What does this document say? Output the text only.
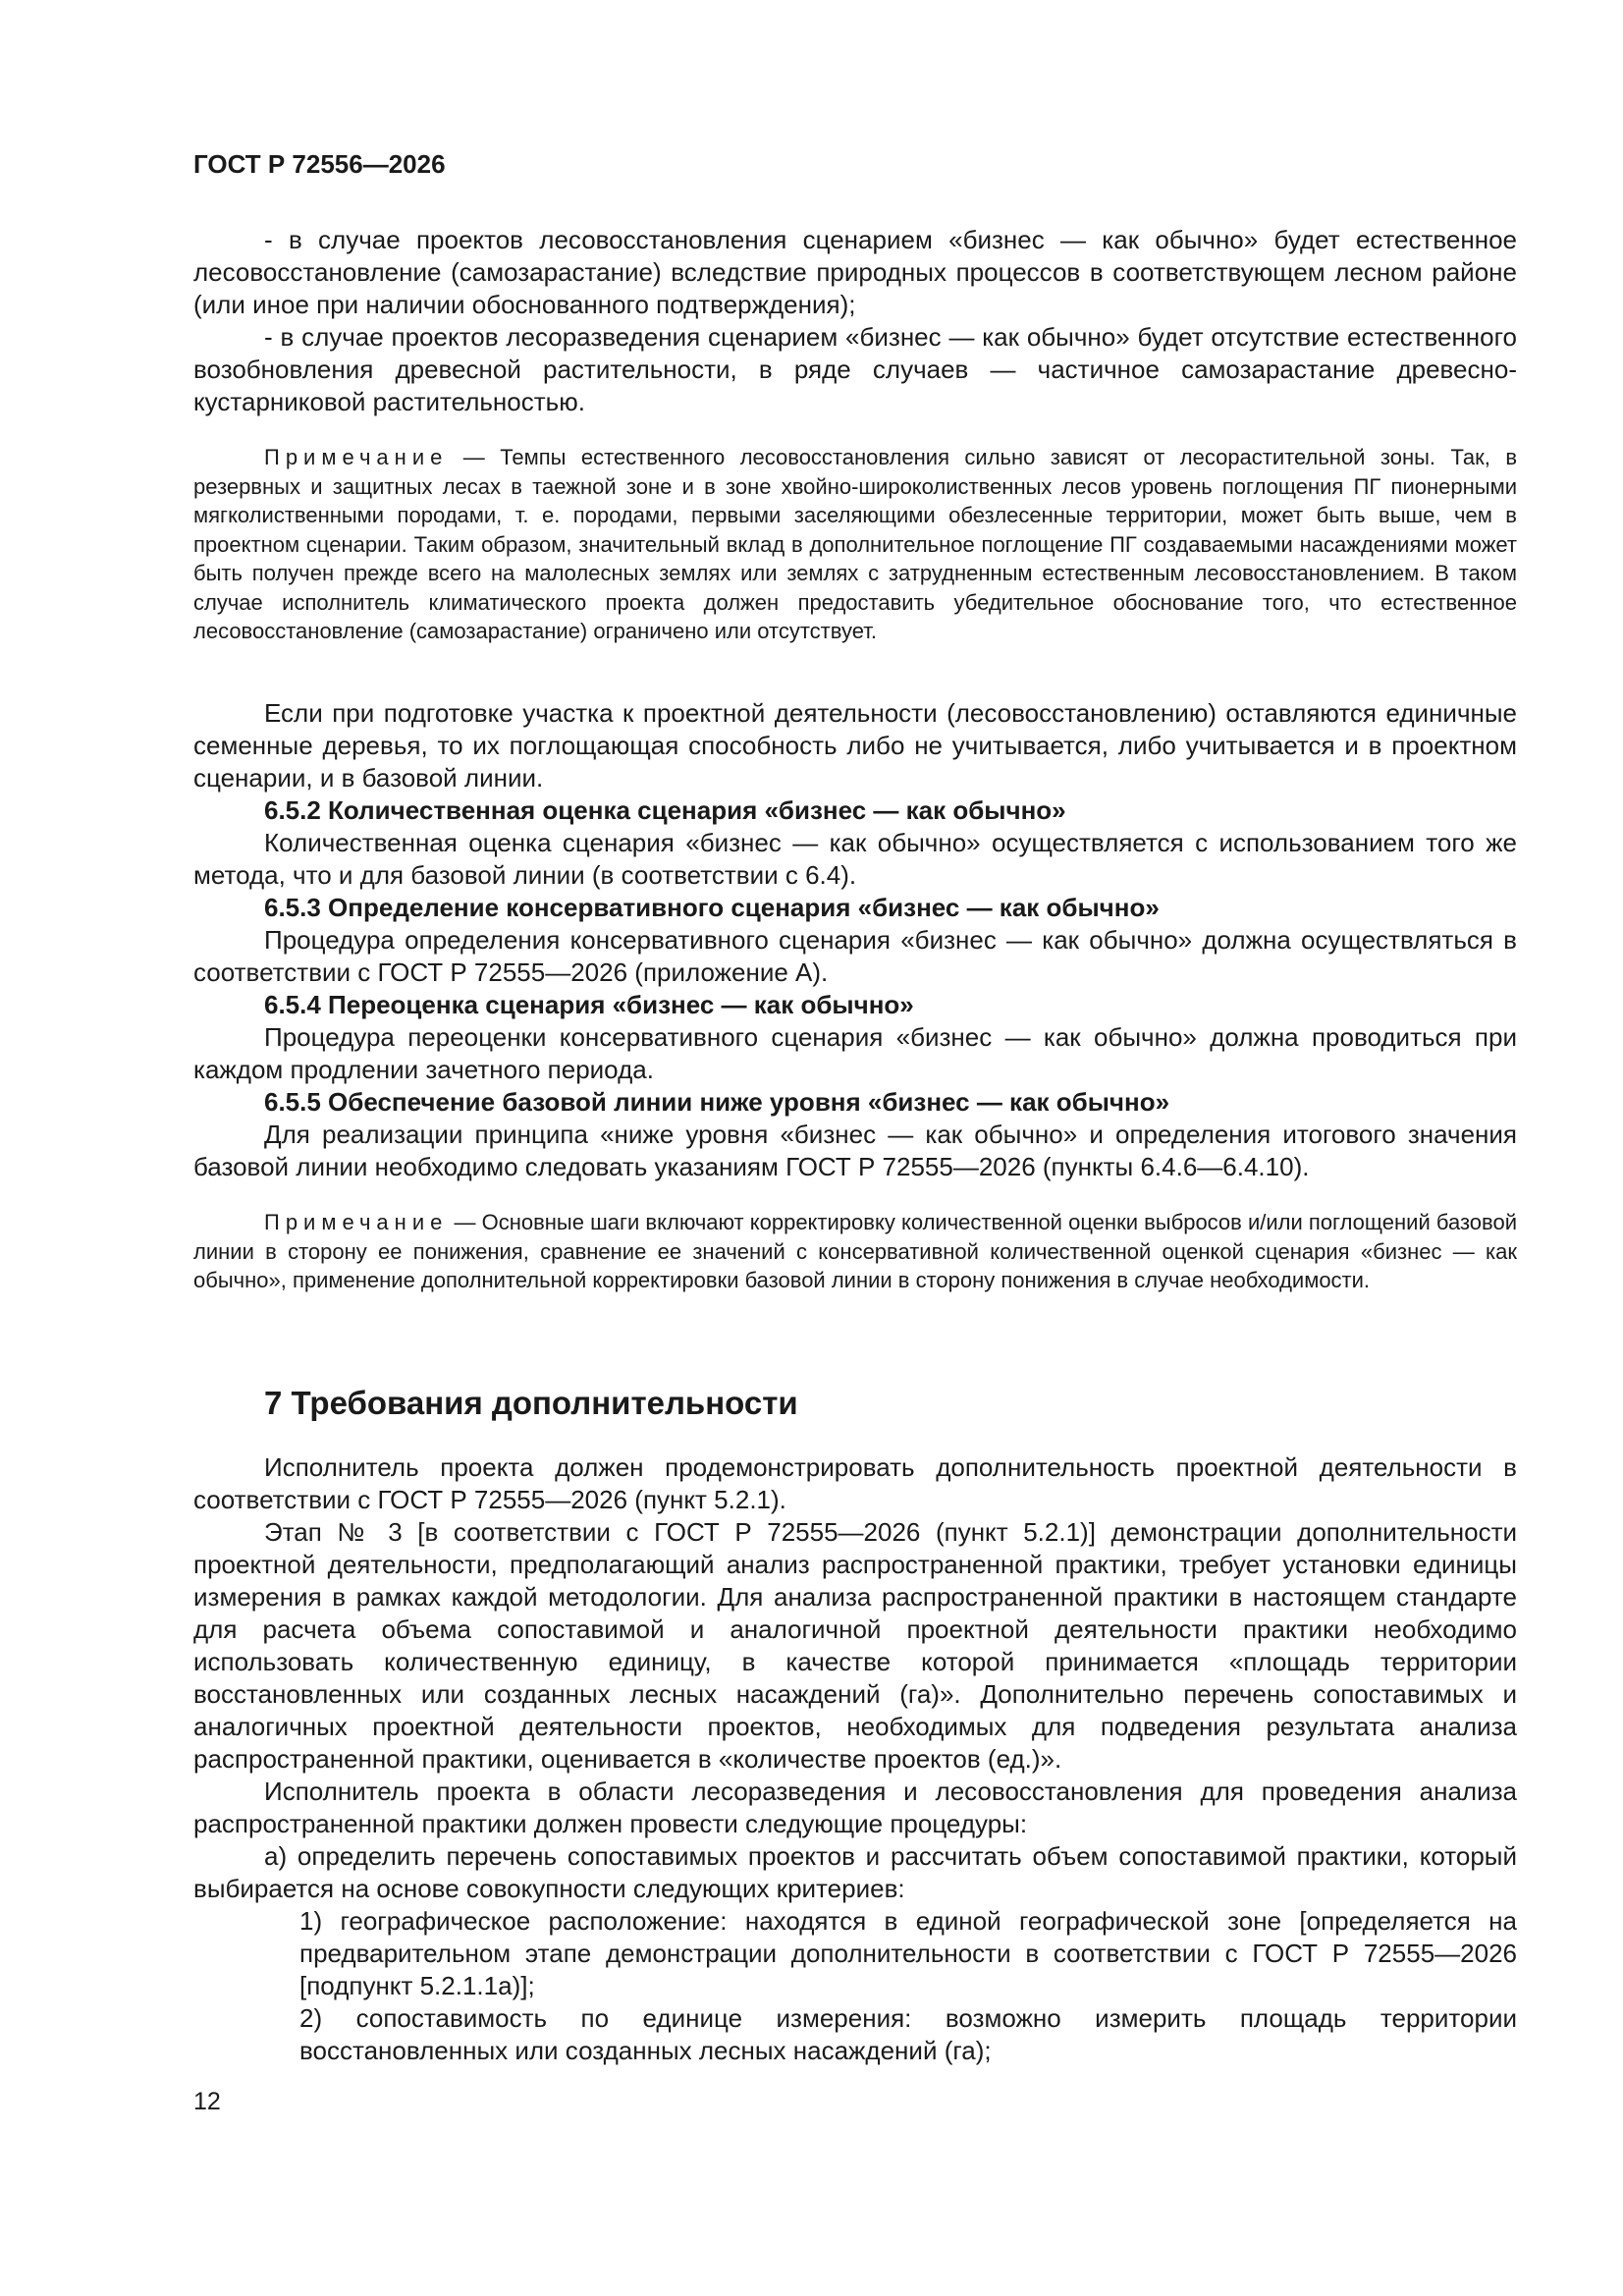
ГОСТ Р 72556—2026

- в случае проектов лесовосстановления сценарием «бизнес — как обычно» будет естественное лесовосстановление (самозарастание) вследствие природных процессов в соответствующем лесном районе (или иное при наличии обоснованного подтверждения);

- в случае проектов лесоразведения сценарием «бизнес — как обычно» будет отсутствие естественного возобновления древесной растительности, в ряде случаев — частичное самозарастание древесно-кустарниковой растительностью.

Примечание — Темпы естественного лесовосстановления сильно зависят от лесорастительной зоны. Так, в резервных и защитных лесах в таежной зоне и в зоне хвойно-широколиственных лесов уровень поглощения ПГ пионерными мягколиственными породами, т. е. породами, первыми заселяющими обезлесенные территории, может быть выше, чем в проектном сценарии. Таким образом, значительный вклад в дополнительное поглощение ПГ создаваемыми насаждениями может быть получен прежде всего на малолесных землях или землях с затрудненным естественным лесовосстановлением. В таком случае исполнитель климатического проекта должен предоставить убедительное обоснование того, что естественное лесовосстановление (самозарастание) ограничено или отсутствует.

Если при подготовке участка к проектной деятельности (лесовосстановлению) оставляются единичные семенные деревья, то их поглощающая способность либо не учитывается, либо учитывается и в проектном сценарии, и в базовой линии.

6.5.2 Количественная оценка сценария «бизнес — как обычно»

Количественная оценка сценария «бизнес — как обычно» осуществляется с использованием того же метода, что и для базовой линии (в соответствии с 6.4).

6.5.3 Определение консервативного сценария «бизнес — как обычно»

Процедура определения консервативного сценария «бизнес — как обычно» должна осуществляться в соответствии с ГОСТ Р 72555—2026 (приложение А).

6.5.4 Переоценка сценария «бизнес — как обычно»

Процедура переоценки консервативного сценария «бизнес — как обычно» должна проводиться при каждом продлении зачетного периода.

6.5.5 Обеспечение базовой линии ниже уровня «бизнес — как обычно»

Для реализации принципа «ниже уровня «бизнес — как обычно» и определения итогового значения базовой линии необходимо следовать указаниям ГОСТ Р 72555—2026 (пункты 6.4.6—6.4.10).

Примечание — Основные шаги включают корректировку количественной оценки выбросов и/или поглощений базовой линии в сторону ее понижения, сравнение ее значений с консервативной количественной оценкой сценария «бизнес — как обычно», применение дополнительной корректировки базовой линии в сторону понижения в случае необходимости.

7 Требования дополнительности

Исполнитель проекта должен продемонстрировать дополнительность проектной деятельности в соответствии с ГОСТ Р 72555—2026 (пункт 5.2.1).

Этап № 3 [в соответствии с ГОСТ Р 72555—2026 (пункт 5.2.1)] демонстрации дополнительности проектной деятельности, предполагающий анализ распространенной практики, требует установки единицы измерения в рамках каждой методологии. Для анализа распространенной практики в настоящем стандарте для расчета объема сопоставимой и аналогичной проектной деятельности практики необходимо использовать количественную единицу, в качестве которой принимается «площадь территории восстановленных или созданных лесных насаждений (га)». Дополнительно перечень сопоставимых и аналогичных проектной деятельности проектов, необходимых для подведения результата анализа распространенной практики, оценивается в «количестве проектов (ед.)».

Исполнитель проекта в области лесоразведения и лесовосстановления для проведения анализа распространенной практики должен провести следующие процедуры:

а) определить перечень сопоставимых проектов и рассчитать объем сопоставимой практики, который выбирается на основе совокупности следующих критериев:

1) географическое расположение: находятся в единой географической зоне [определяется на предварительном этапе демонстрации дополнительности в соответствии с ГОСТ Р 72555—2026 [подпункт 5.2.1.1а)];

2) сопоставимость по единице измерения: возможно измерить площадь территории восстановленных или созданных лесных насаждений (га);

12
